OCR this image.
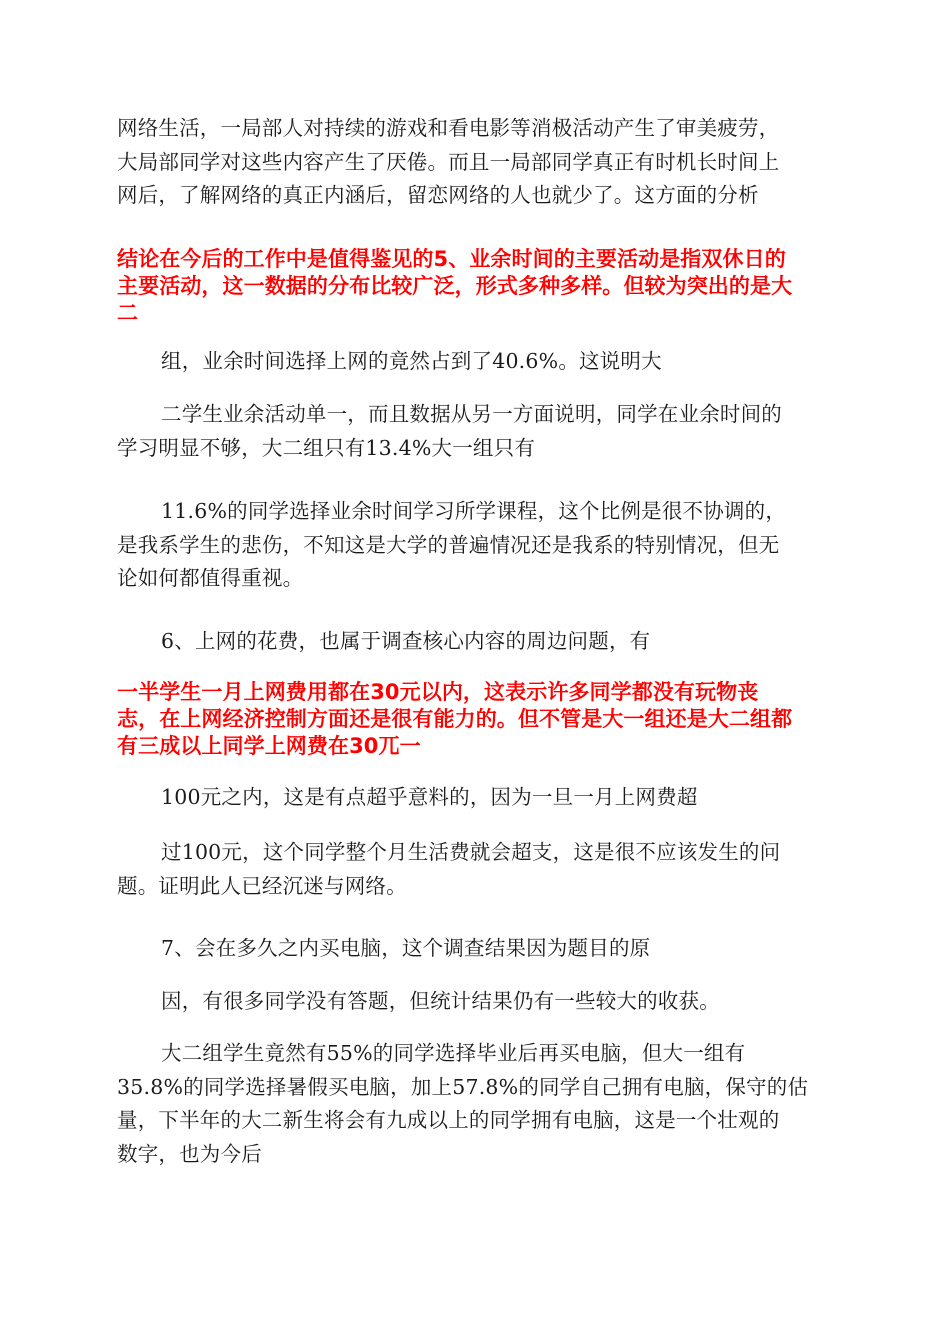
网络生活，一局部人对持续的游戏和看电影等消极活动产生了审美疲劳，
大局部同学对这些内容产生了厌倦。而且一局部同学真正有时机长时间上
网后，了解网络的真正内涵后，留恋网络的人也就少了。这方面的分析

结论在今后的工作中是值得鉴见的5、业余时间的主要活动是指双休日的
主要活动，这一数据的分布比较广泛，形式多种多样。但较为突出的是大
二

组，业余时间选择上网的竟然占到了40.6%。这说明大

二学生业余活动单一，而且数据从另一方面说明，同学在业余时间的
学习明显不够，大二组只有13.4%大一组只有

11.6%的同学选择业余时间学习所学课程，这个比例是很不协调的，
是我系学生的悲伤，不知这是大学的普遍情况还是我系的特别情况，但无
论如何都值得重视。

6、上网的花费，也属于调查核心内容的周边问题，有

一半学生一月上网费用都在30元以内，这表示许多同学都没有玩物丧
志，在上网经济控制方面还是很有能力的。但不管是大一组还是大二组都
有三成以上同学上网费在30兀一

100元之内，这是有点超乎意料的，因为一旦一月上网费超

过100元，这个同学整个月生活费就会超支，这是很不应该发生的问
题。证明此人已经沉迷与网络。

7、会在多久之内买电脑，这个调查结果因为题目的原

因，有很多同学没有答题，但统计结果仍有一些较大的收获。

大二组学生竟然有55%的同学选择毕业后再买电脑，但大一组有
35.8%的同学选择暑假买电脑，加上57.8%的同学自己拥有电脑，保守的估
量，下半年的大二新生将会有九成以上的同学拥有电脑，这是一个壮观的
数字，也为今后
